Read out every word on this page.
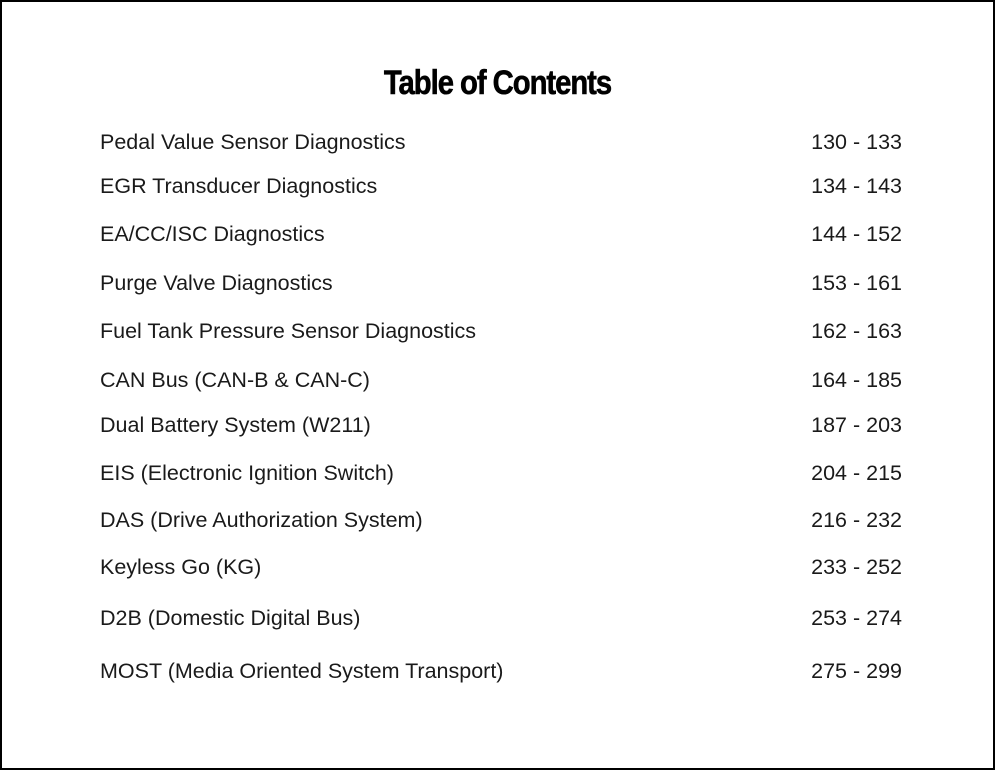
Table of Contents
Pedal Value Sensor Diagnostics	130 - 133
EGR Transducer Diagnostics	134 - 143
EA/CC/ISC Diagnostics	144 - 152
Purge Valve Diagnostics	153 - 161
Fuel Tank Pressure Sensor Diagnostics	162 - 163
CAN Bus (CAN-B & CAN-C)	164 - 185
Dual Battery System (W211)	187 - 203
EIS (Electronic Ignition Switch)	204 - 215
DAS (Drive Authorization System)	216 - 232
Keyless Go (KG)	233 - 252
D2B (Domestic Digital Bus)	253 - 274
MOST (Media Oriented System Transport)	275 - 299
